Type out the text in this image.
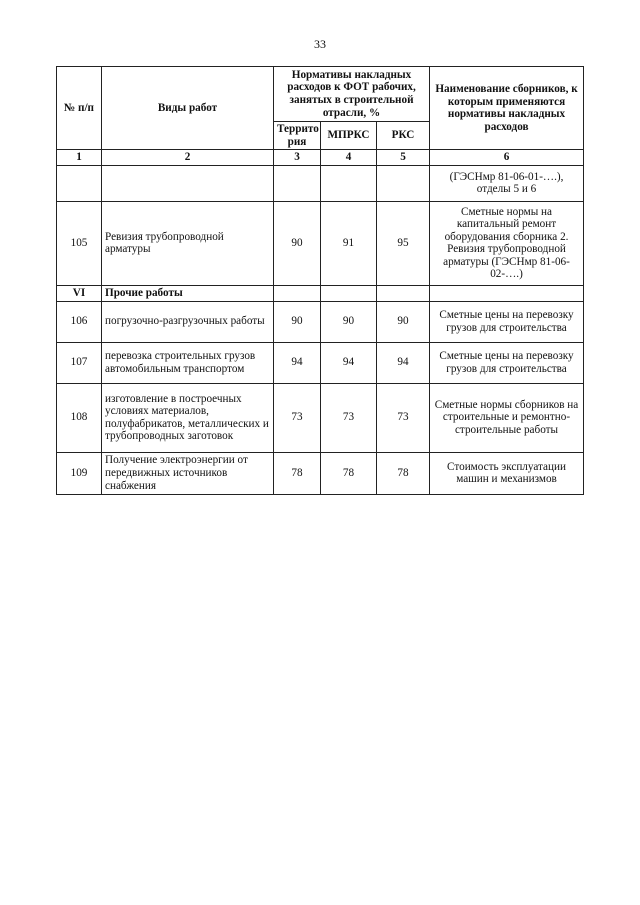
33
№ п/п	Виды работ	Нормативы накладных расходов к ФОТ рабочих, занятых в строительной отрасли, %			Наименование сборников, к которым применяются нормативы накладных расходов
		Террито рия	МПРКС	РКС	
1	2	3	4	5	6
					(ГЭСНмр 81-06-01-….), отделы 5 и 6
105	Ревизия трубопроводной арматуры	90	91	95	Сметные нормы на капитальный ремонт оборудования сборника 2. Ревизия трубопроводной арматуры (ГЭСНмр 81-06-02-….)
VI	Прочие работы				
106	погрузочно-разгрузочных работы	90	90	90	Сметные цены на перевозку грузов для строительства
107	перевозка строительных грузов автомобильным транспортом	94	94	94	Сметные цены на перевозку грузов для строительства
108	изготовление в построечных условиях материалов, полуфабрикатов, металлических и трубопроводных заготовок	73	73	73	Сметные нормы сборников на строительные и ремонтно-строительные работы
109	Получение электроэнергии от передвижных источников снабжения	78	78	78	Стоимость эксплуатации машин и механизмов
